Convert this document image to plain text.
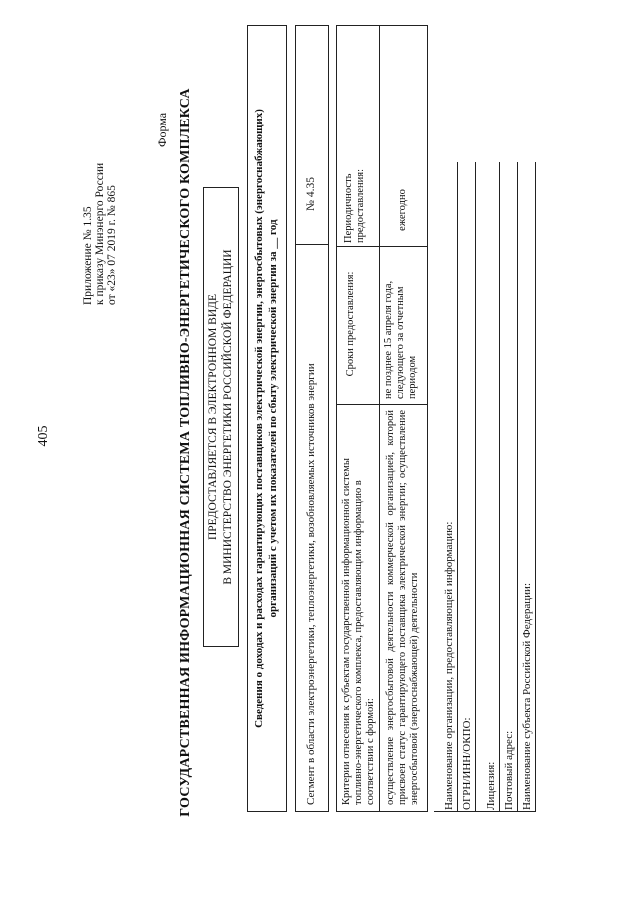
405
Приложение № 1.35 к приказу Минэнерго России от «23» 07 2019 г. № 865
Форма ГОСУДАРСТВЕННАЯ ИНФОРМАЦИОННАЯ СИСТЕМА ТОПЛИВНО-ЭНЕРГЕТИЧЕСКОГО КОМПЛЕКСА ПРЕДОСТАВЛЯЕТСЯ В ЭЛЕКТРОННОМ ВИДЕ В МИНИСТЕРСТВО ЭНЕРГЕТИКИ РОССИЙСКОЙ ФЕДЕРАЦИИ Сведения о доходах и расходах гарантирующих поставщиков электрической энергии, энергосбытовых (энергоснабжающих) организаций с учетом их показателей по сбыту электрической энергии за __ год Сегмент в области электроэнергетики, теплоэнергетики, возобновляемых источников энергии
№ 4.35
Критерии отнесения к субъектам государственной информационной системы топливно-энергетического комплекса, предоставляющим информацию в соответствии с формой:
Сроки предоставления:
Периодичность предоставления:
осуществление энергосбытовой деятельности коммерческой организацией, которой присвоен статус гарантирующего поставщика электрической энергии; осуществление энергосбытовой (энергоснабжающей) деятельности
не позднее 15 апреля года, следующего за отчетным периодом
ежегодно
Наименование организации, предоставляющей информацию: ОГРН/ИНН/ОКПО:	Лицензия: Почтовый адрес: Наименование субъекта Российской Федерации:
